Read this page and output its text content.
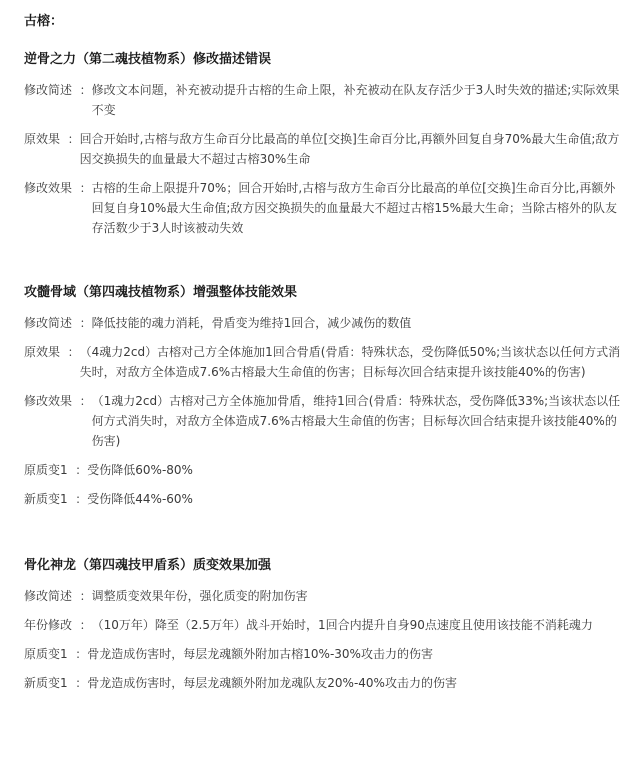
古榕：
逆骨之力（第二魂技植物系）修改描述错误
修改简述 ： 修改文本问题，补充被动提升古榕的生命上限，补充被动在队友存活少于3人时失效的描述;实际效果不变
原效果 ： 回合开始时,古榕与敌方生命百分比最高的单位[交换]生命百分比,再额外回复自身70%最大生命值;敌方因交换损失的血量最大不超过古榕30%生命
修改效果 ： 古榕的生命上限提升70%；回合开始时,古榕与敌方生命百分比最高的单位[交换]生命百分比,再额外回复自身10%最大生命值;敌方因交换损失的血量最大不超过古榕15%最大生命；当除古榕外的队友存活数少于3人时该被动失效
攻髓骨域（第四魂技植物系）增强整体技能效果
修改简述 ： 降低技能的魂力消耗，骨盾变为维持1回合，减少减伤的数值
原效果 ： （4魂力2cd）古榕对己方全体施加1回合骨盾(骨盾：特殊状态，受伤降低50%;当该状态以任何方式消失时，对敌方全体造成7.6%古榕最大生命值的伤害；目标每次回合结束提升该技能40%的伤害)
修改效果 ： （1魂力2cd）古榕对己方全体施加骨盾，维持1回合(骨盾：特殊状态，受伤降低33%;当该状态以任何方式消失时，对敌方全体造成7.6%古榕最大生命值的伤害；目标每次回合结束提升该技能40%的伤害)
原质变1 ： 受伤降低60%-80%
新质变1 ： 受伤降低44%-60%
骨化神龙（第四魂技甲盾系）质变效果加强
修改简述 ： 调整质变效果年份，强化质变的附加伤害
年份修改 ： （10万年）降至（2.5万年）战斗开始时，1回合内提升自身90点速度且使用该技能不消耗魂力
原质变1 ： 骨龙造成伤害时，每层龙魂额外附加古榕10%-30%攻击力的伤害
新质变1 ： 骨龙造成伤害时，每层龙魂额外附加龙魂队友20%-40%攻击力的伤害
